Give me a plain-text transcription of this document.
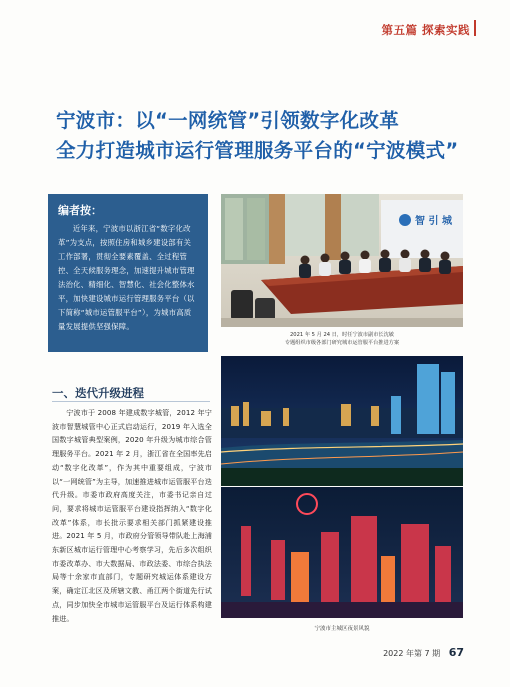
第五篇 探索实践
宁波市：以“一网统管”引领数字化改革
全力打造城市运行管理服务平台的“宁波模式”
编者按：
近年来，宁波市以浙江省“数字化改革”为支点，按照住房和城乡建设部有关工作部署，贯彻全要素覆盖、全过程管控、全天候服务理念，加速提升城市管理法治化、精细化、智慧化、社会化整体水平，加快建设城市运行管理服务平台（以下简称“城市运管服平台”），为城市高质量发展提供坚强保障。
智 引 城
2021 年 5 月 24 日，时任宁波市副市长沈敏
专题组织市级各部门研究城市运管服平台推进方案
宁波市主城区夜景风貌
一、迭代升级进程
宁波市于 2008 年建成数字城管，2012 年宁波市智慧城管中心正式启动运行，2019 年入选全国数字城管典型案例，2020 年升级为城市综合管理服务平台。2021 年 2 月，浙江省在全国率先启动“数字化改革”，作为其中重要组成，宁波市以“一网统管”为主导，加速推进城市运管服平台迭代升级。市委市政府高度关注，市委书记亲自过问，要求将城市运管服平台建设指挥纳入“数字化改革”体系，市长批示要求相关部门抓紧建设推进。2021 年 5 月，市政府分管领导带队赴上海浦东新区城市运行管理中心考察学习，先后多次组织市委改革办、市大数据局、市政法委、市综合执法局等十余家市直部门，专题研究城运体系建设方案，确定江北区及所辖文教、甬江两个街道先行试点，同步加快全市城市运管服平台及运行体系构建推进。
2022 年第 7 期 67
